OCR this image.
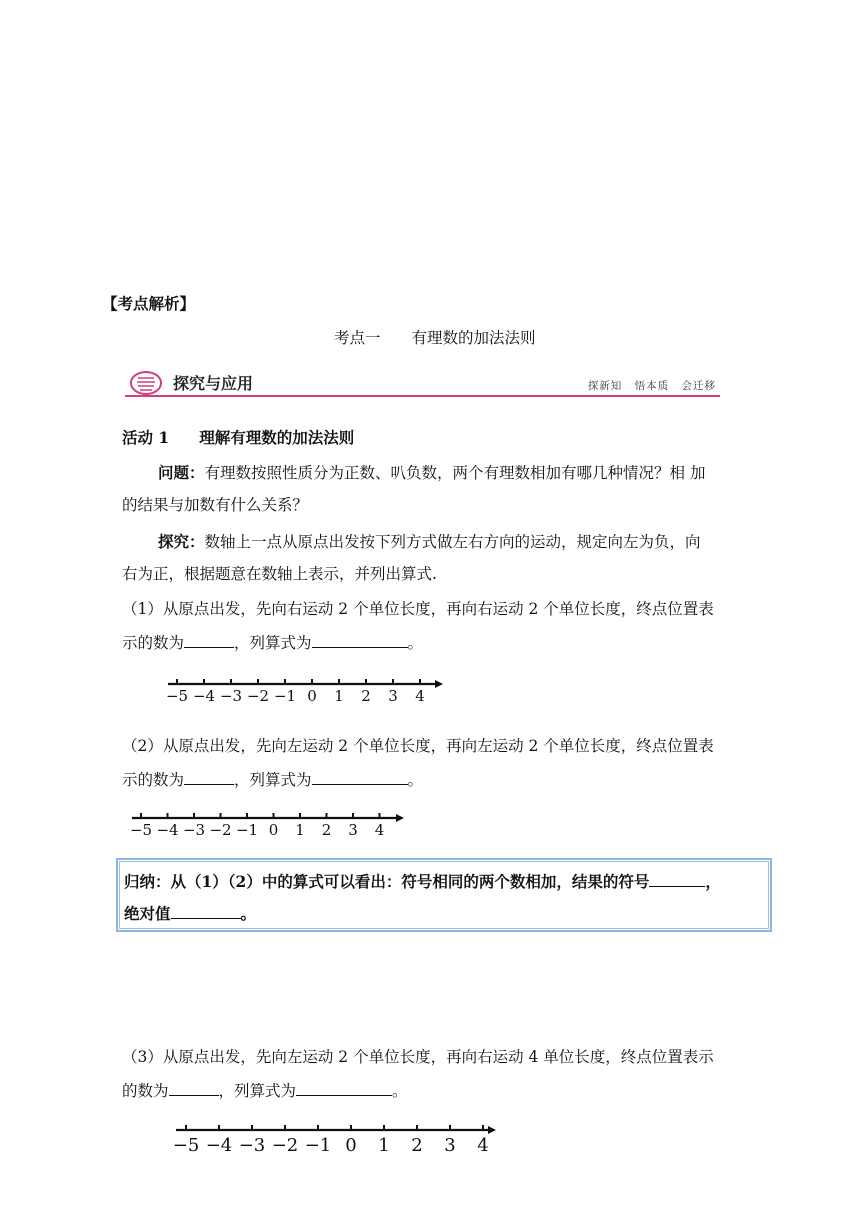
【考点解析】
考点一　　有理数的加法法则
探究与应用	探新知 悟本质 会迁移
活动 1 理解有理数的加法法则
问题：有理数按照性质分为正数、叭负数，两个有理数相加有哪几种情况？相 加
的结果与加数有什么关系？
探究：数轴上一点从原点出发按下列方式做左右方向的运动，规定向左为负，向
右为正，根据题意在数轴上表示，并列出算式.
（1）从原点出发，先向右运动 2 个单位长度，再向右运动 2 个单位长度，终点位置表
示的数为	，列算式为	。
−5 −4 −3 −2 −1 0 1 2 3 4
（2）从原点出发，先向左运动 2 个单位长度，再向左运动 2 个单位长度，终点位置表
示的数为	，列算式为	。
−5 −4 −3 −2 −1 0 1 2 3 4
归纳：从（1）（2）中的算式可以看出：符号相同的两个数相加，结果的符号	，
绝对值	。
（3）从原点出发，先向左运动 2 个单位长度，再向右运动 4 单位长度，终点位置表示
的数为	，列算式为	。
−5 −4 −3 −2 −1 0 1 2 3 4
